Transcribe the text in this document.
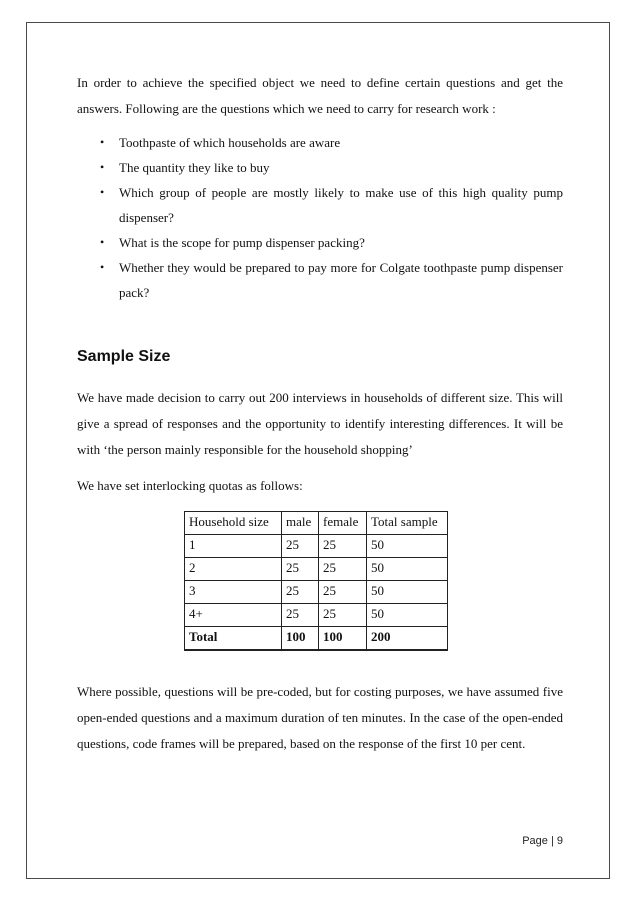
In order to achieve the specified object we need to define certain questions and get the answers. Following are the questions which we need to carry for research work :

• Toothpaste of which households are aware
• The quantity they like to buy
• Which group of people are mostly likely to make use of this high quality pump dispenser?
• What is the scope for pump dispenser packing?
• Whether they would be prepared to pay more for Colgate toothpaste pump dispenser pack?
Sample Size

We have made decision to carry out 200 interviews in households of different size. This will give a spread of responses and the opportunity to identify interesting differences. It will be with ‘the person mainly responsible for the household shopping’

We have set interlocking quotas as follows:

Household size	male	female	Total sample
1	25	25	50
2	25	25	50
3	25	25	50
4+	25	25	50
Total	100	100	200

Where possible, questions will be pre-coded, but for costing purposes, we have assumed five open-ended questions and a maximum duration of ten minutes. In the case of the open-ended questions, code frames will be prepared, based on the response of the first 10 per cent.

Page | 9
